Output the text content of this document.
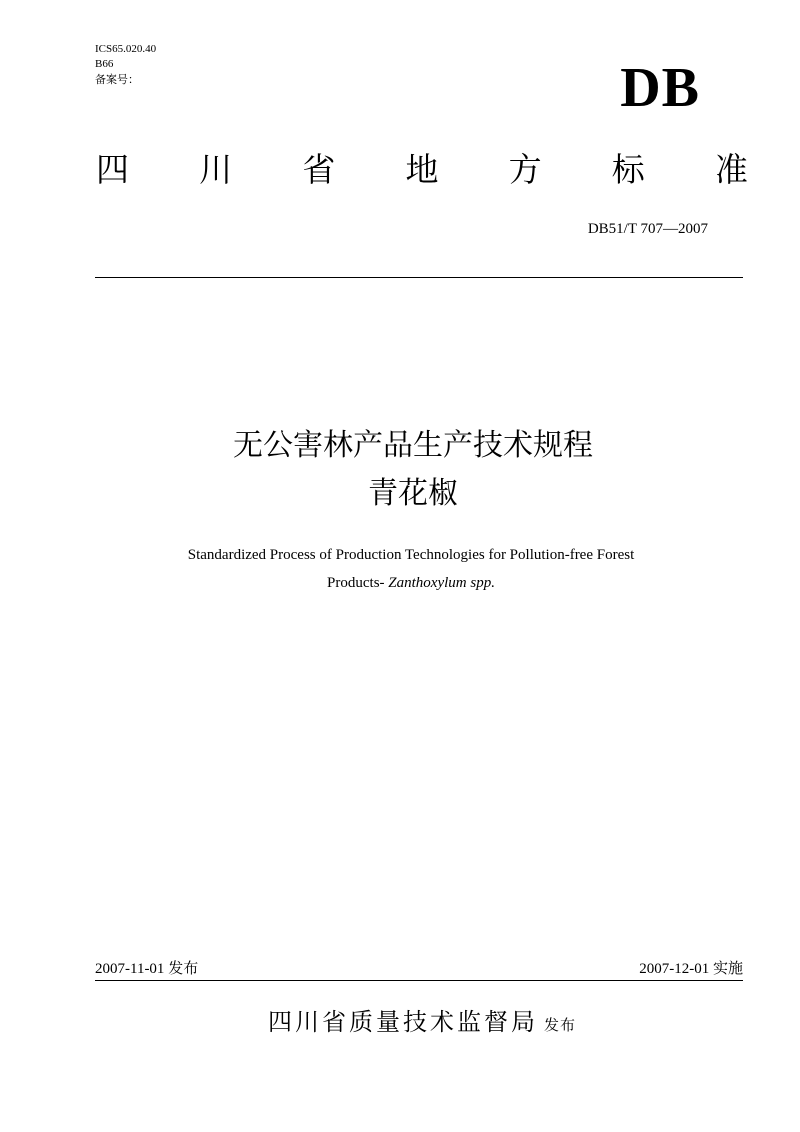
ICS65.020.40
B66
备案号：	DB
四 川 省 地 方 标 准
DB51/T 707—2007
无公害林产品生产技术规程
青花椒
Standardized Process of Production Technologies for Pollution-free Forest
Products- Zanthoxylum spp.
2007-11-01 发布	2007-12-01 实施
四川省质量技术监督局 发布
